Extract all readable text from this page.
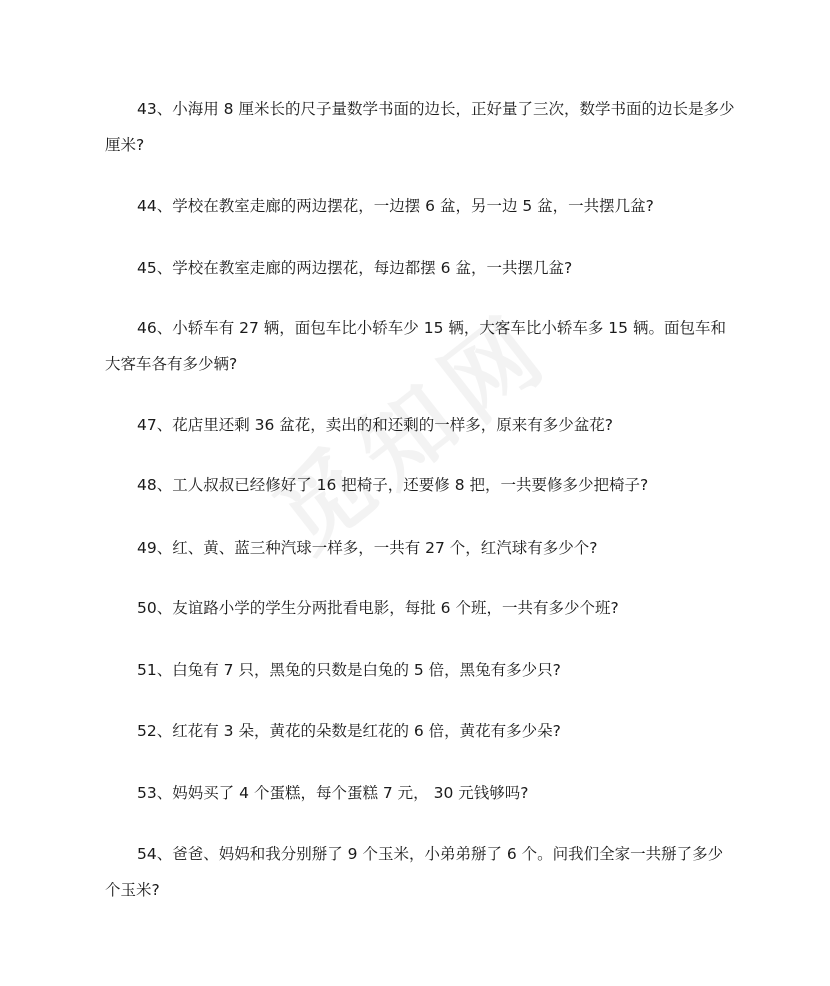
43、小海用 8 厘米长的尺子量数学书面的边长，正好量了三次，数学书面的边长是多少厘米?

44、学校在教室走廊的两边摆花，一边摆 6 盆，另一边 5 盆，一共摆几盆?

45、学校在教室走廊的两边摆花，每边都摆 6 盆，一共摆几盆?

46、小轿车有 27 辆，面包车比小轿车少 15 辆，大客车比小轿车多 15 辆。面包车和大客车各有多少辆?

47、花店里还剩 36 盆花，卖出的和还剩的一样多，原来有多少盆花?

48、工人叔叔已经修好了 16 把椅子，还要修 8 把，一共要修多少把椅子?

49、红、黄、蓝三种汽球一样多，一共有 27 个，红汽球有多少个?

50、友谊路小学的学生分两批看电影，每批 6 个班，一共有多少个班?

51、白兔有 7 只，黑兔的只数是白兔的 5 倍，黑兔有多少只?

52、红花有 3 朵，黄花的朵数是红花的 6 倍，黄花有多少朵?

53、妈妈买了 4 个蛋糕，每个蛋糕 7 元， 30 元钱够吗?

54、爸爸、妈妈和我分别掰了 9 个玉米，小弟弟掰了 6 个。问我们全家一共掰了多少个玉米?
